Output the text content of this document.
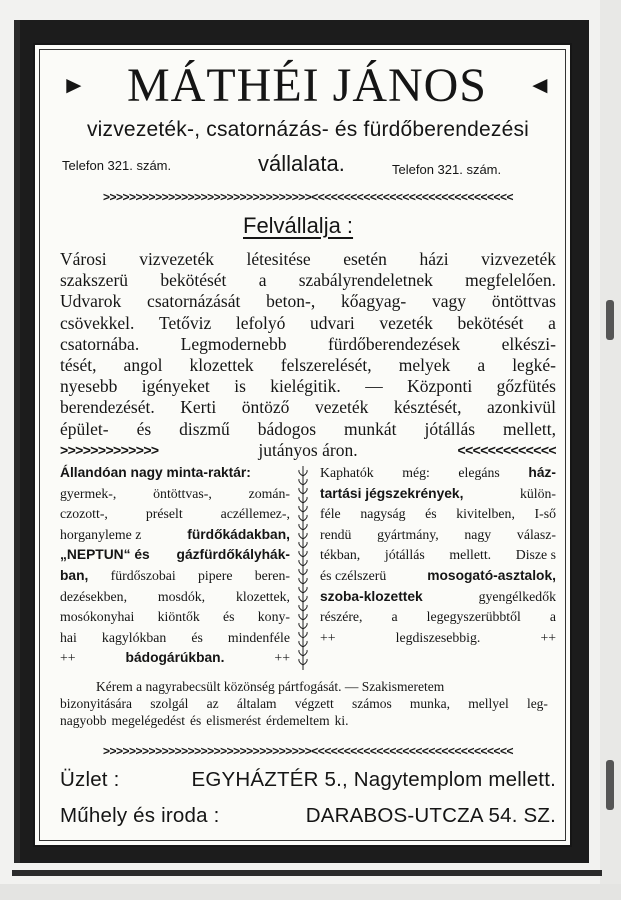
► MÁTHÉI JÁNOS ◄
vizvezeték-, csatornázás- és fürdőberendezési
Telefon 321. szám.	vállalata.	Telefon 321. szám.
>>>>>>>>>>>>>>>>>>>>>>>>>>>>>>>><<<<<<<<<<<<<<<<<<<<<<<<<<<<<<<
Felvállalja :
Városi vizvezeték létesitése esetén házi vizvezeték
szakszerü bekötését a szabályrendeletnek megfelelően.
Udvarok csatornázását beton-, kőagyag- vagy öntöttvas
csövekkel. Tetőviz lefolyó udvari vezeték bekötését a
csatornába. Legmodernebb fürdőberendezések elkészi-
tését, angol klozettek felszerelését, melyek a legké-
nyesebb igényeket is kielégitik. — Központi gőzfütés
berendezését. Kerti öntöző vezeték késztését, azonkivül
épület- és diszmű bádogos munkát jótállás mellett,
>>>>>>>>>>>>>	jutányos áron.	<<<<<<<<<<<<<
Állandóan nagy minta-raktár:
gyermek-,	öntöttvas-,	zomán-
czozott-,	préselt	aczéllemez-,
horganyleme z	fürdőkádakban,
„NEPTUN“ és gázfürdőkályhák-
ban, fürdőszobai pipere beren-
dezésekben, mosdók, klozettek,
mosókonyhai kiöntők és kony-
hai kagylókban és mindenféle
++	bádogárúkban.	++
Kaphatók még: elegáns ház-
tartási jégszekrények,	külön-
féle nagyság és kivitelben, I-ső
rendü gyártmány, nagy válasz-
tékban, jótállás mellett. Disze s
és czélszerü	mosogató-asztalok,
szoba-klozettek	gyengélkedők
részére, a legegyszerübbtől a
++	legdiszesebbig.	++
Kérem a nagyrabecsült közönség pártfogását. — Szakismeretem
bizonyitására szolgál az általam végzett számos munka, mellyel leg-
nagyobb megelégedést és elismerést érdemeltem ki.
>>>>>>>>>>>>>>>>>>>>>>>>>>>>>>>><<<<<<<<<<<<<<<<<<<<<<<<<<<<<<<
Üzlet :	EGYHÁZTÉR 5., Nagytemplom mellett.
Műhely és iroda :	DARABOS-UTCZA 54. SZ.
